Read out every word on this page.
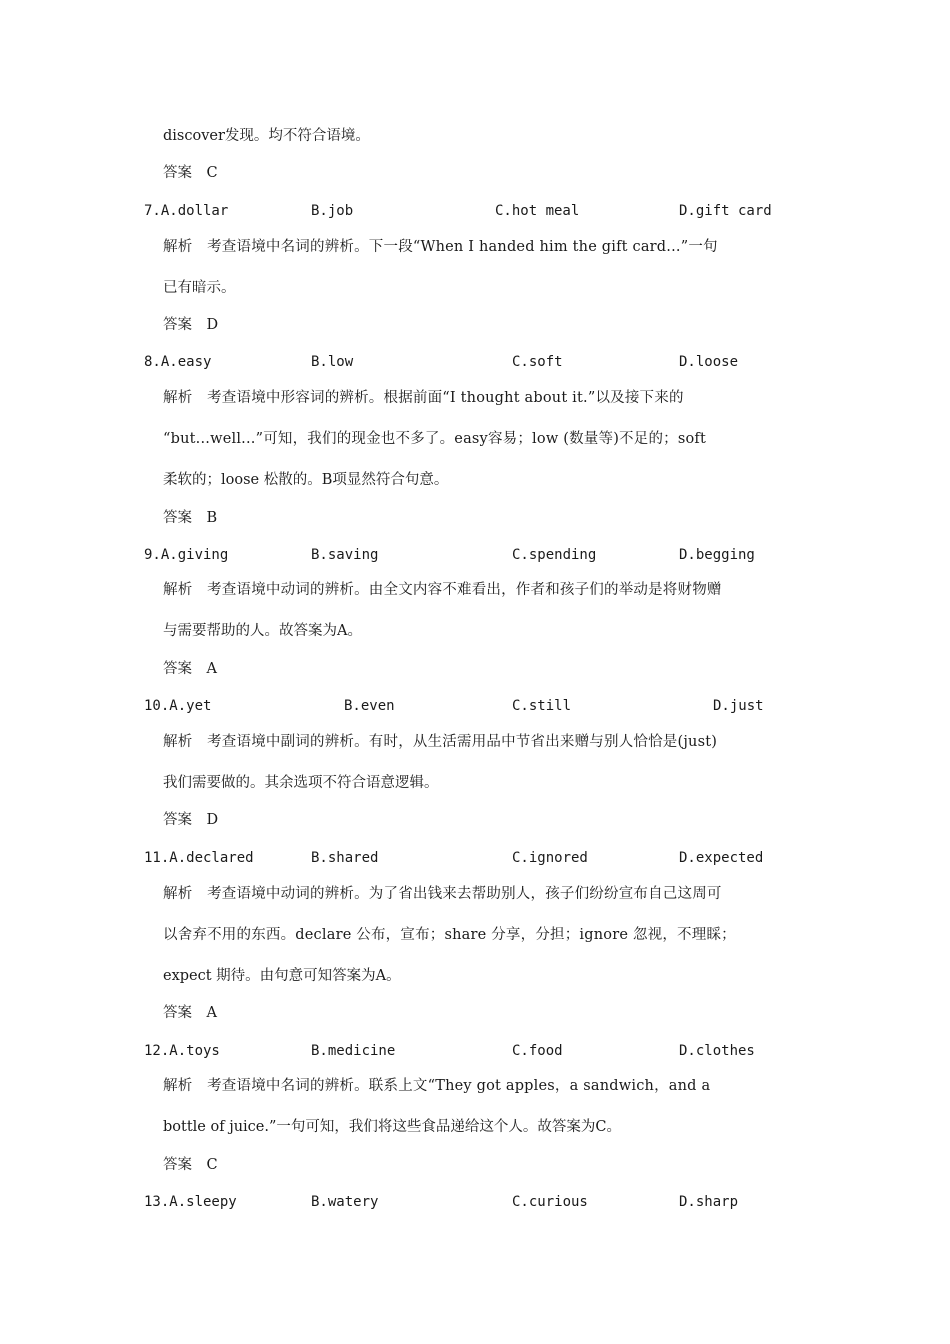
discover发现。均不符合语境。
答案　C
7.A.dollar	B.job	C.hot meal	D.gift card
解析　考查语境中名词的辨析。下一段“When I handed him the gift card...”一句
已有暗示。
答案　D
8.A.easy	B.low	C.soft	D.loose
解析　考查语境中形容词的辨析。根据前面“I thought about it.”以及接下来的
“but...well...”可知，我们的现金也不多了。easy容易；low (数量等)不足的；soft
柔软的；loose 松散的。B项显然符合句意。
答案　B
9.A.giving	B.saving	C.spending	D.begging
解析　考查语境中动词的辨析。由全文内容不难看出，作者和孩子们的举动是将财物赠
与需要帮助的人。故答案为A。
答案　A
10.A.yet	B.even	C.still	D.just
解析　考查语境中副词的辨析。有时，从生活需用品中节省出来赠与别人恰恰是(just)
我们需要做的。其余选项不符合语意逻辑。
答案　D
11.A.declared	B.shared	C.ignored	D.expected
解析　考查语境中动词的辨析。为了省出钱来去帮助别人，孩子们纷纷宣布自己这周可
以舍弃不用的东西。declare 公布，宣布；share 分享，分担；ignore 忽视，不理睬；
expect 期待。由句意可知答案为A。
答案　A
12.A.toys	B.medicine	C.food	D.clothes
解析　考查语境中名词的辨析。联系上文“They got apples，a sandwich，and a
bottle of juice.”一句可知，我们将这些食品递给这个人。故答案为C。
答案　C
13.A.sleepy	B.watery	C.curious	D.sharp
